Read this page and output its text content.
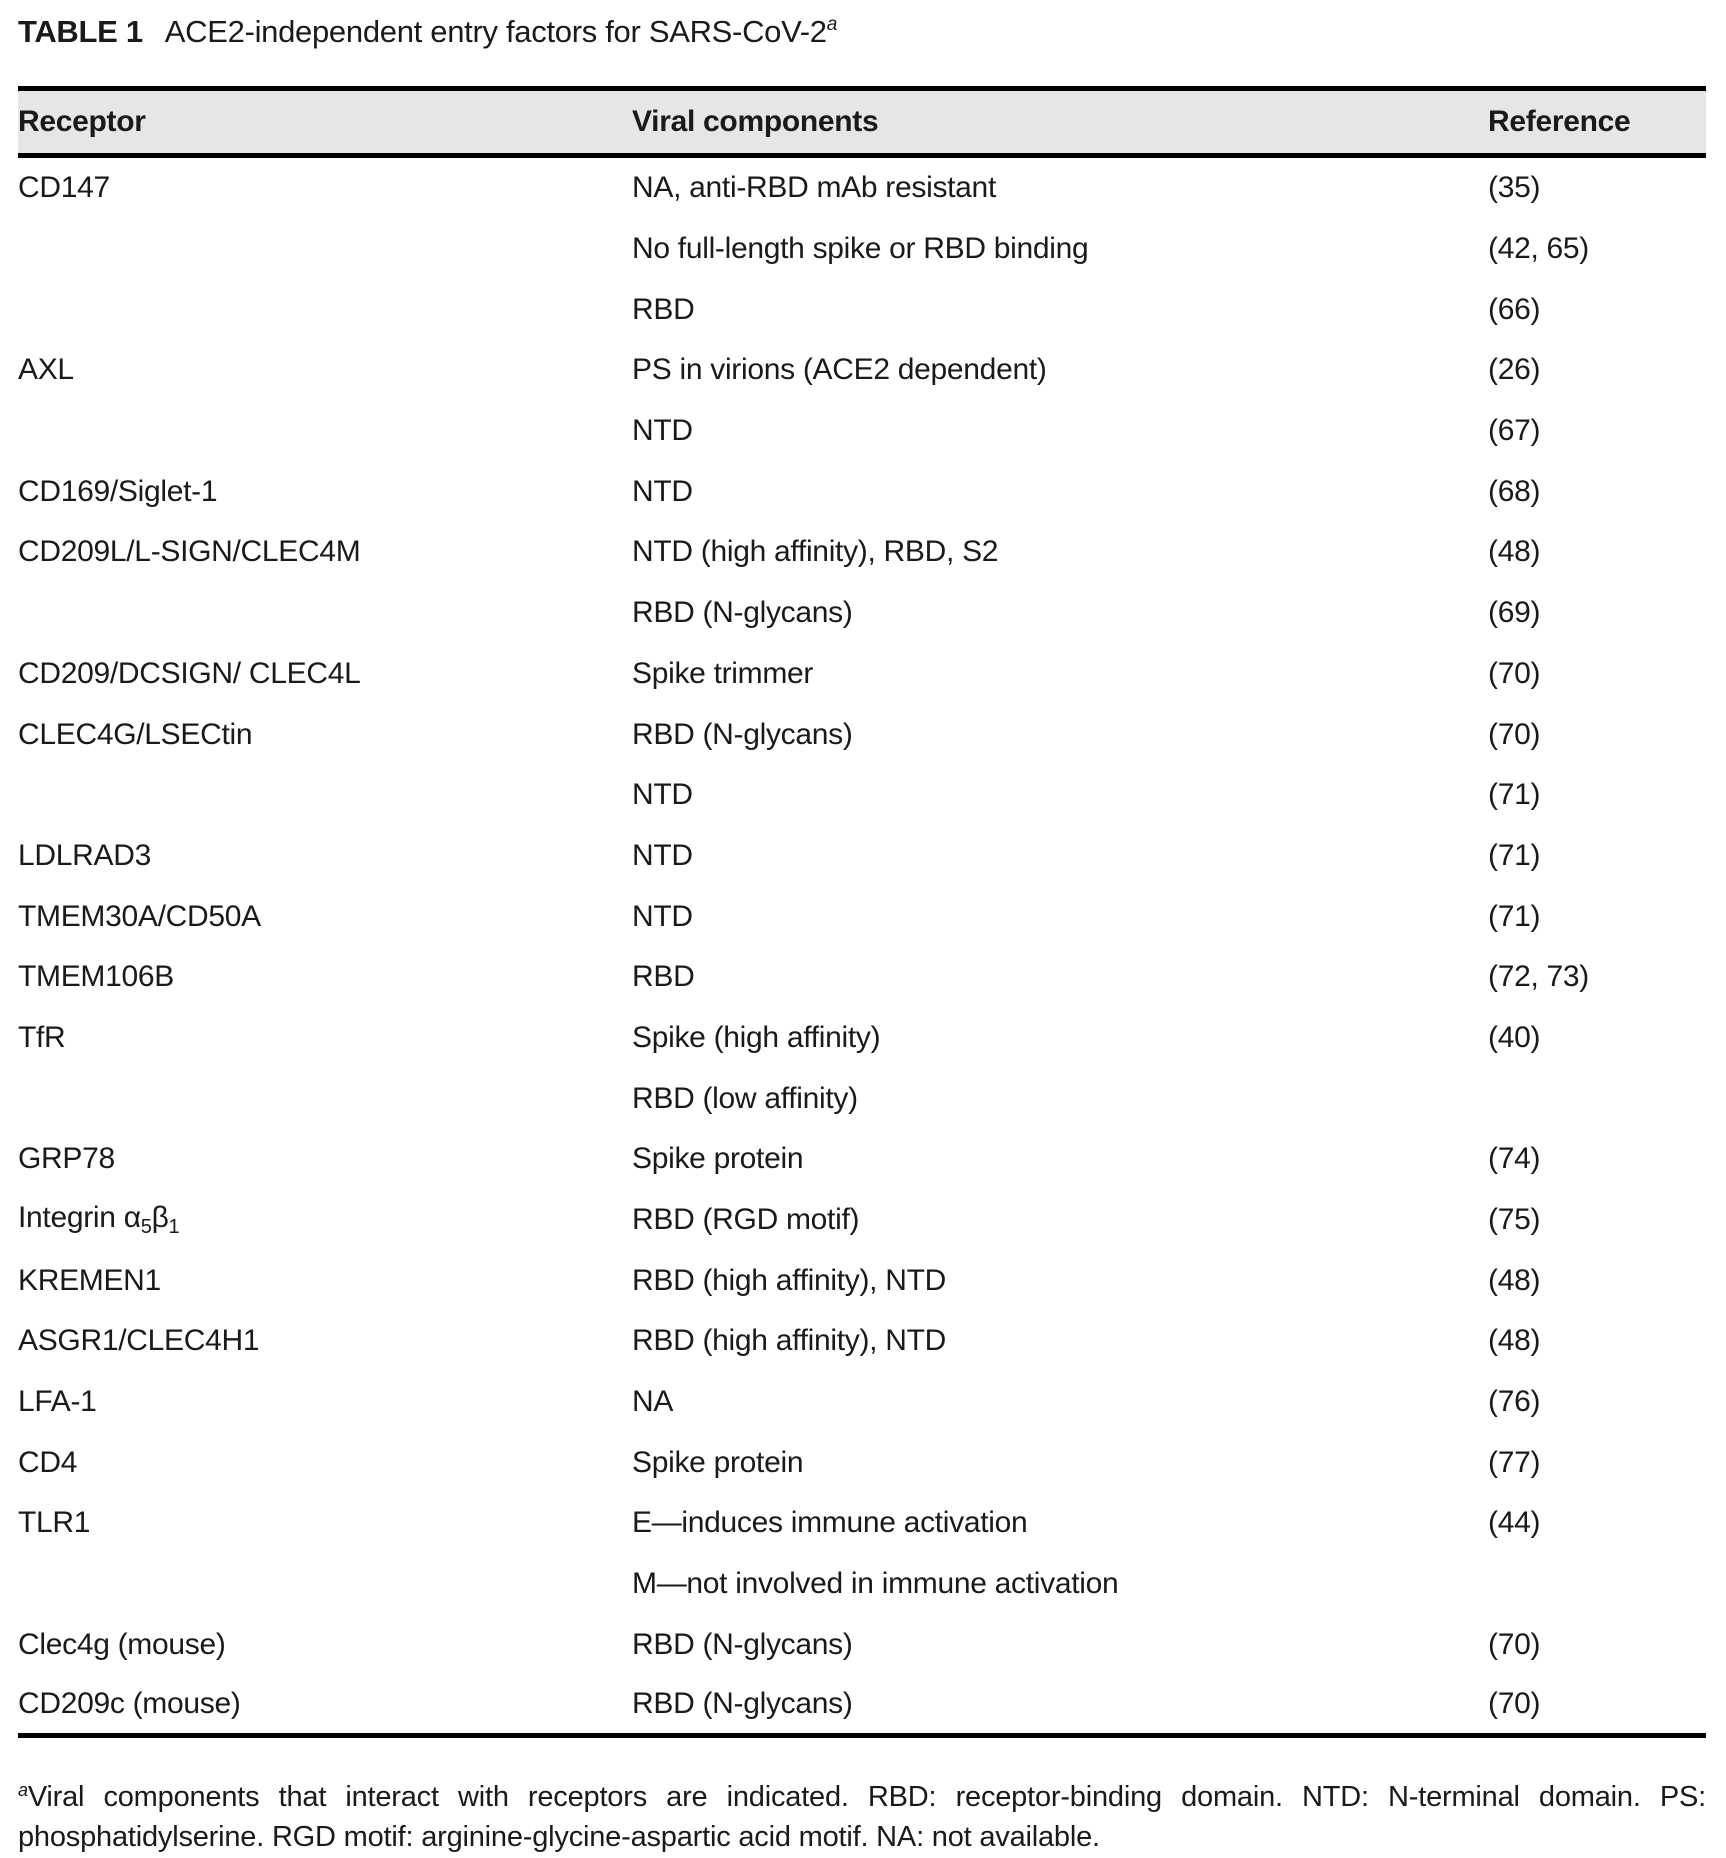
TABLE 1 ACE2-independent entry factors for SARS-CoV-2$^a$
Receptor	Viral components	Reference
CD147	NA, anti-RBD mAb resistant	(35)
	No full-length spike or RBD binding	(42, 65)
	RBD	(66)
AXL	PS in virions (ACE2 dependent)	(26)
	NTD	(67)
CD169/Siglet-1	NTD	(68)
CD209L/L-SIGN/CLEC4M	NTD (high affinity), RBD, S2	(48)
	RBD (N-glycans)	(69)
CD209/DCSIGN/ CLEC4L	Spike trimmer	(70)
CLEC4G/LSECtin	RBD (N-glycans)	(70)
	NTD	(71)
LDLRAD3	NTD	(71)
TMEM30A/CD50A	NTD	(71)
TMEM106B	RBD	(72, 73)
TfR	Spike (high affinity)	(40)
	RBD (low affinity)	
GRP78	Spike protein	(74)
Integrin $\alpha_5\beta_1$	RBD (RGD motif)	(75)
KREMEN1	RBD (high affinity), NTD	(48)
ASGR1/CLEC4H1	RBD (high affinity), NTD	(48)
LFA-1	NA	(76)
CD4	Spike protein	(77)
TLR1	E—induces immune activation	(44)
	M—not involved in immune activation	
Clec4g (mouse)	RBD (N-glycans)	(70)
CD209c (mouse)	RBD (N-glycans)	(70)
$^a$Viral components that interact with receptors are indicated. RBD: receptor-binding domain. NTD: N-terminal domain. PS: phosphatidylserine. RGD motif: arginine-glycine-aspartic acid motif. NA: not available.
